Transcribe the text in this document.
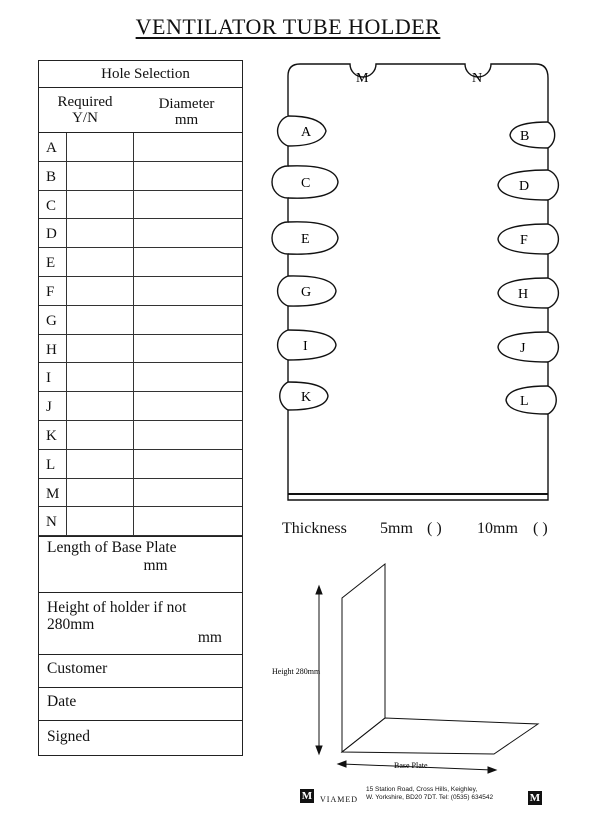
VENTILATOR TUBE HOLDER
Hole Selection
Required
Y/N
Diameter
mm
A
B
C
D
E
F
G
H
I
J
K
L
M
N
Length of Base Plate
mm
Height of holder if not
280mm
mm
Customer
Date
Signed
M	N
A
C
E
G
I
K
B
D
F
H
J
L
Height 280mm
Base Plate
Thickness 5mm ( ) 10mm ( )
M VIAMED
15 Station Road, Cross Hills, Keighley,
W. Yorkshire, BD20 7DT. Tel: (0535) 634542	M
